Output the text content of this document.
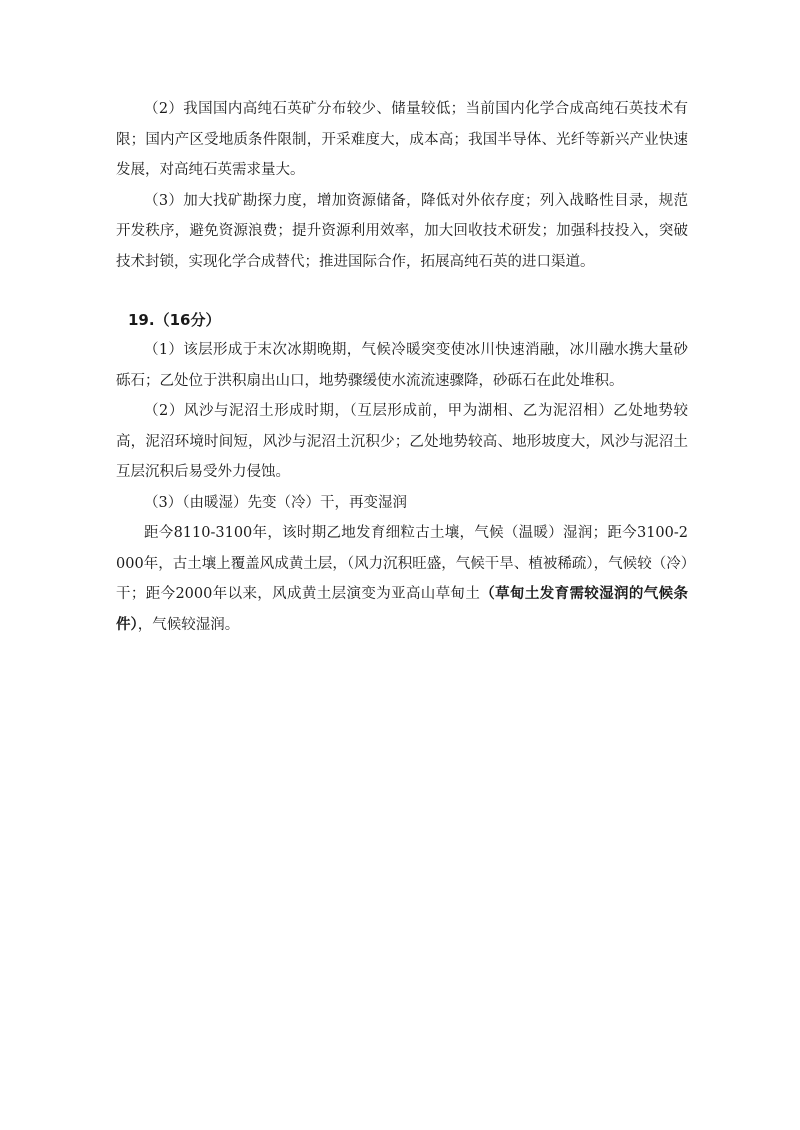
（2）我国国内高纯石英矿分布较少、储量较低；当前国内化学合成高纯石英技术有限；国内产区受地质条件限制，开采难度大，成本高；我国半导体、光纤等新兴产业快速发展，对高纯石英需求量大。

（3）加大找矿勘探力度，增加资源储备，降低对外依存度；列入战略性目录，规范开发秩序，避免资源浪费；提升资源利用效率，加大回收技术研发；加强科技投入，突破技术封锁，实现化学合成替代；推进国际合作，拓展高纯石英的进口渠道。

19.（16分）

（1）该层形成于末次冰期晚期，气候冷暖突变使冰川快速消融，冰川融水携大量砂砾石；乙处位于洪积扇出山口，地势骤缓使水流流速骤降，砂砾石在此处堆积。

（2）风沙与泥沼土形成时期，（互层形成前，甲为湖相、乙为泥沼相）乙处地势较高，泥沼环境时间短，风沙与泥沼土沉积少；乙处地势较高、地形坡度大，风沙与泥沼土互层沉积后易受外力侵蚀。

（3）（由暖湿）先变（冷）干，再变湿润

距今8110-3100年，该时期乙地发育细粒古土壤，气候（温暖）湿润；距今3100-2000年，古土壤上覆盖风成黄土层，（风力沉积旺盛，气候干旱、植被稀疏），气候较（冷）干；距今2000年以来，风成黄土层演变为亚高山草甸土（草甸土发育需较湿润的气候条件），气候较湿润。
